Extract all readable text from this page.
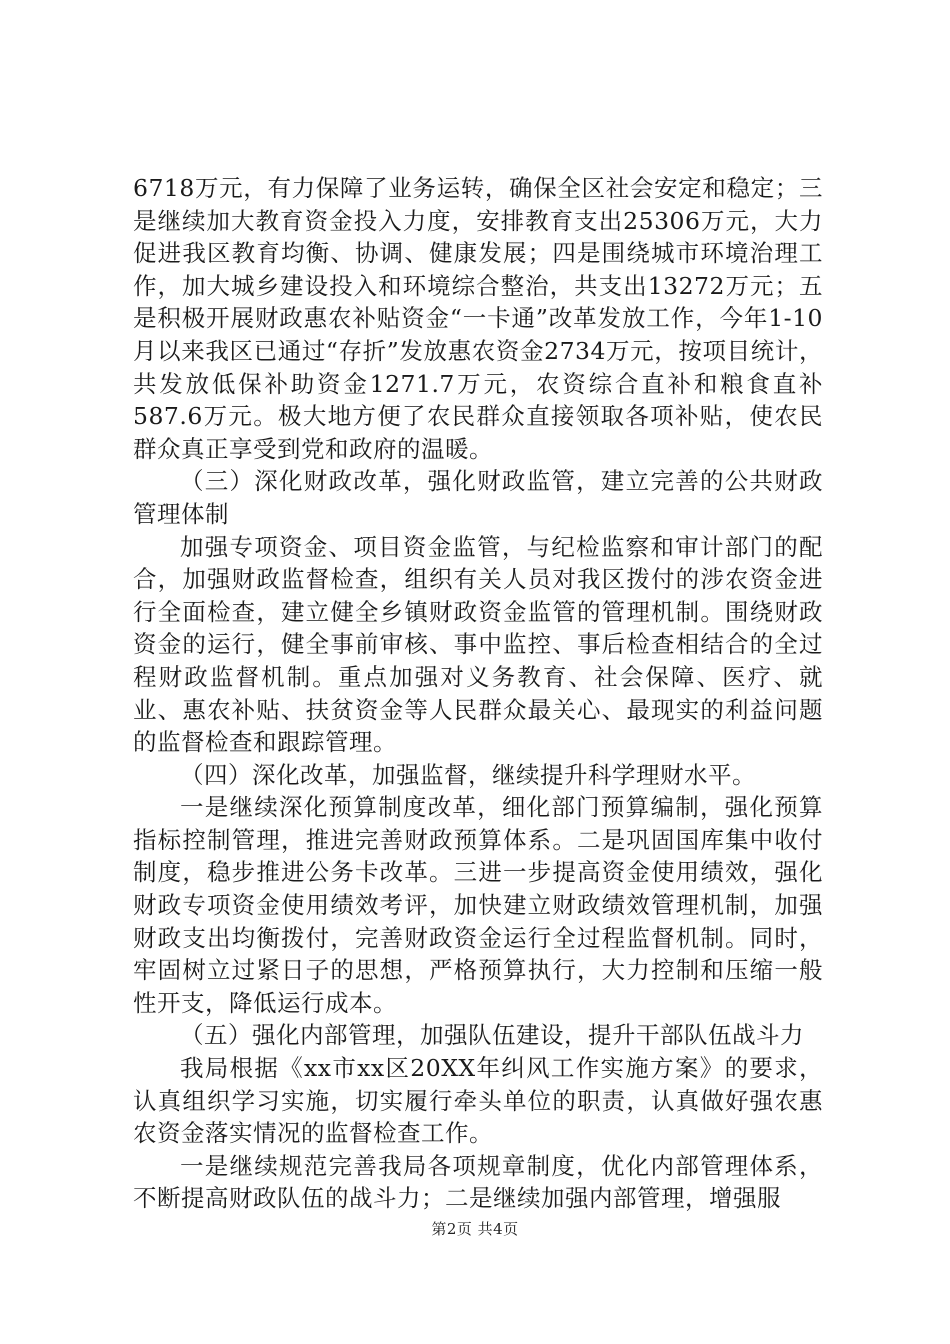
6718万元，有力保障了业务运转，确保全区社会安定和稳定；三是继续加大教育资金投入力度，安排教育支出25306万元，大力促进我区教育均衡、协调、健康发展；四是围绕城市环境治理工作，加大城乡建设投入和环境综合整治，共支出13272万元；五是积极开展财政惠农补贴资金“一卡通”改革发放工作，今年1-10月以来我区已通过“存折”发放惠农资金2734万元，按项目统计，共发放低保补助资金1271.7万元，农资综合直补和粮食直补587.6万元。极大地方便了农民群众直接领取各项补贴，使农民群众真正享受到党和政府的温暖。

（三）深化财政改革，强化财政监管，建立完善的公共财政管理体制

加强专项资金、项目资金监管，与纪检监察和审计部门的配合，加强财政监督检查，组织有关人员对我区拨付的涉农资金进行全面检查，建立健全乡镇财政资金监管的管理机制。围绕财政资金的运行，健全事前审核、事中监控、事后检查相结合的全过程财政监督机制。重点加强对义务教育、社会保障、医疗、就业、惠农补贴、扶贫资金等人民群众最关心、最现实的利益问题的监督检查和跟踪管理。

（四）深化改革，加强监督，继续提升科学理财水平。

一是继续深化预算制度改革，细化部门预算编制，强化预算指标控制管理，推进完善财政预算体系。二是巩固国库集中收付制度，稳步推进公务卡改革。三进一步提高资金使用绩效，强化财政专项资金使用绩效考评，加快建立财政绩效管理机制，加强财政支出均衡拨付，完善财政资金运行全过程监督机制。同时，牢固树立过紧日子的思想，严格预算执行，大力控制和压缩一般性开支，降低运行成本。

（五）强化内部管理，加强队伍建设，提升干部队伍战斗力

我局根据《xx市xx区20XX年纠风工作实施方案》的要求，认真组织学习实施，切实履行牵头单位的职责，认真做好强农惠农资金落实情况的监督检查工作。

一是继续规范完善我局各项规章制度，优化内部管理体系，不断提高财政队伍的战斗力；二是继续加强内部管理，增强服

第2页 共4页
